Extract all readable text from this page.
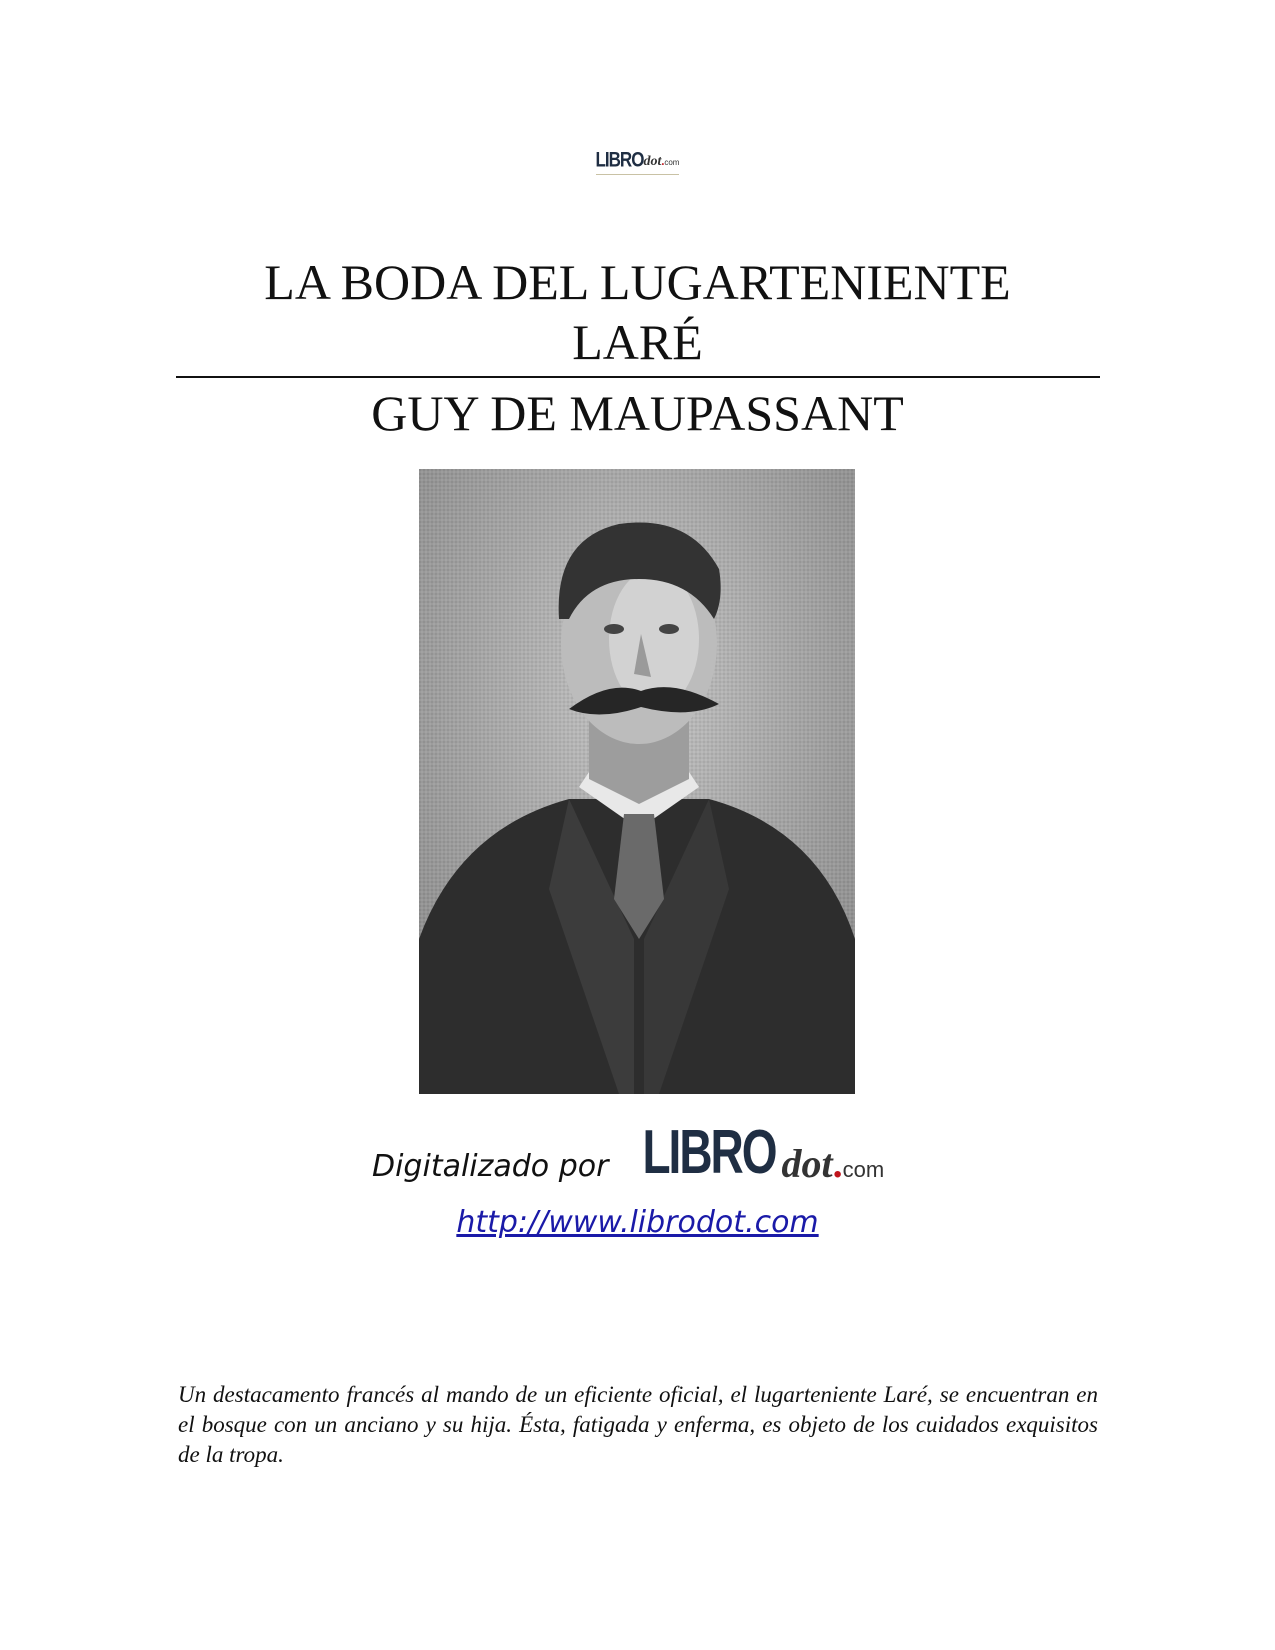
LIBROdot.com
LA BODA DEL LUGARTENIENTE
LARÉ
GUY DE MAUPASSANT
Digitalizado por LIBRO dot.com
http://www.librodot.com

Un destacamento francés al mando de un eficiente oficial, el lugarteniente Laré, se encuentran en el bosque con un anciano y su hija. Ésta, fatigada y enferma, es objeto de los cuidados exquisitos de la tropa.
